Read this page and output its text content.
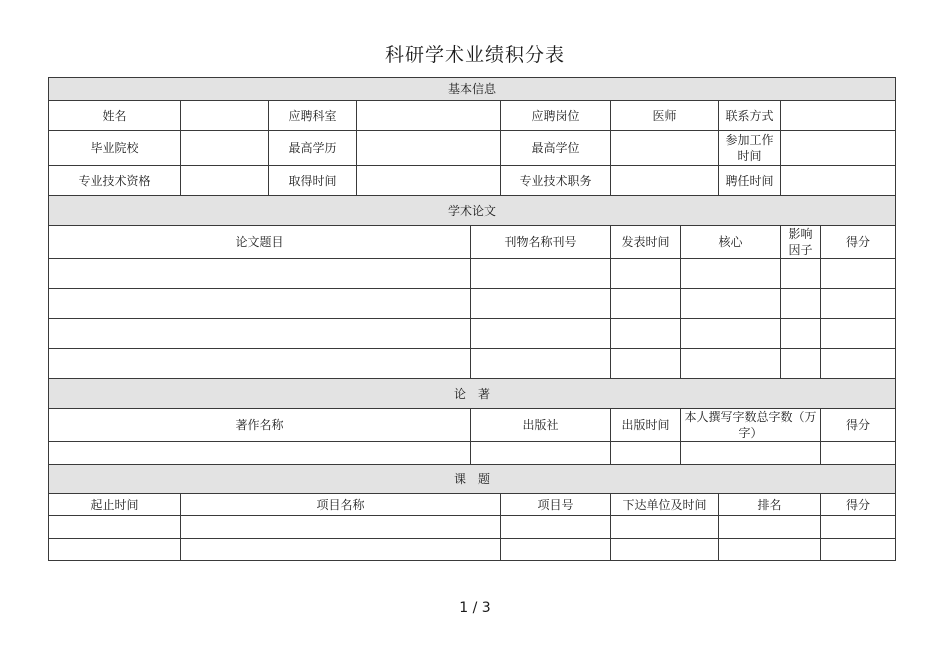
科研学术业绩积分表
基本信息										
姓名		应聘科室			应聘岗位	医师		联系方式		
毕业院校		最高学历			最高学位			参加工作时间		
专业技术资格		取得时间			专业技术职务			聘任时间		
学术论文										
论文题目				刊物名称刊号		发表时间	核心		影响因子	得分

论　著										
著作名称				出版社		出版时间	本人撰写字数总字数（万字）			得分

课　题										
起止时间	项目名称				项目号	下达单位及时间		排名		得分

1 / 3
